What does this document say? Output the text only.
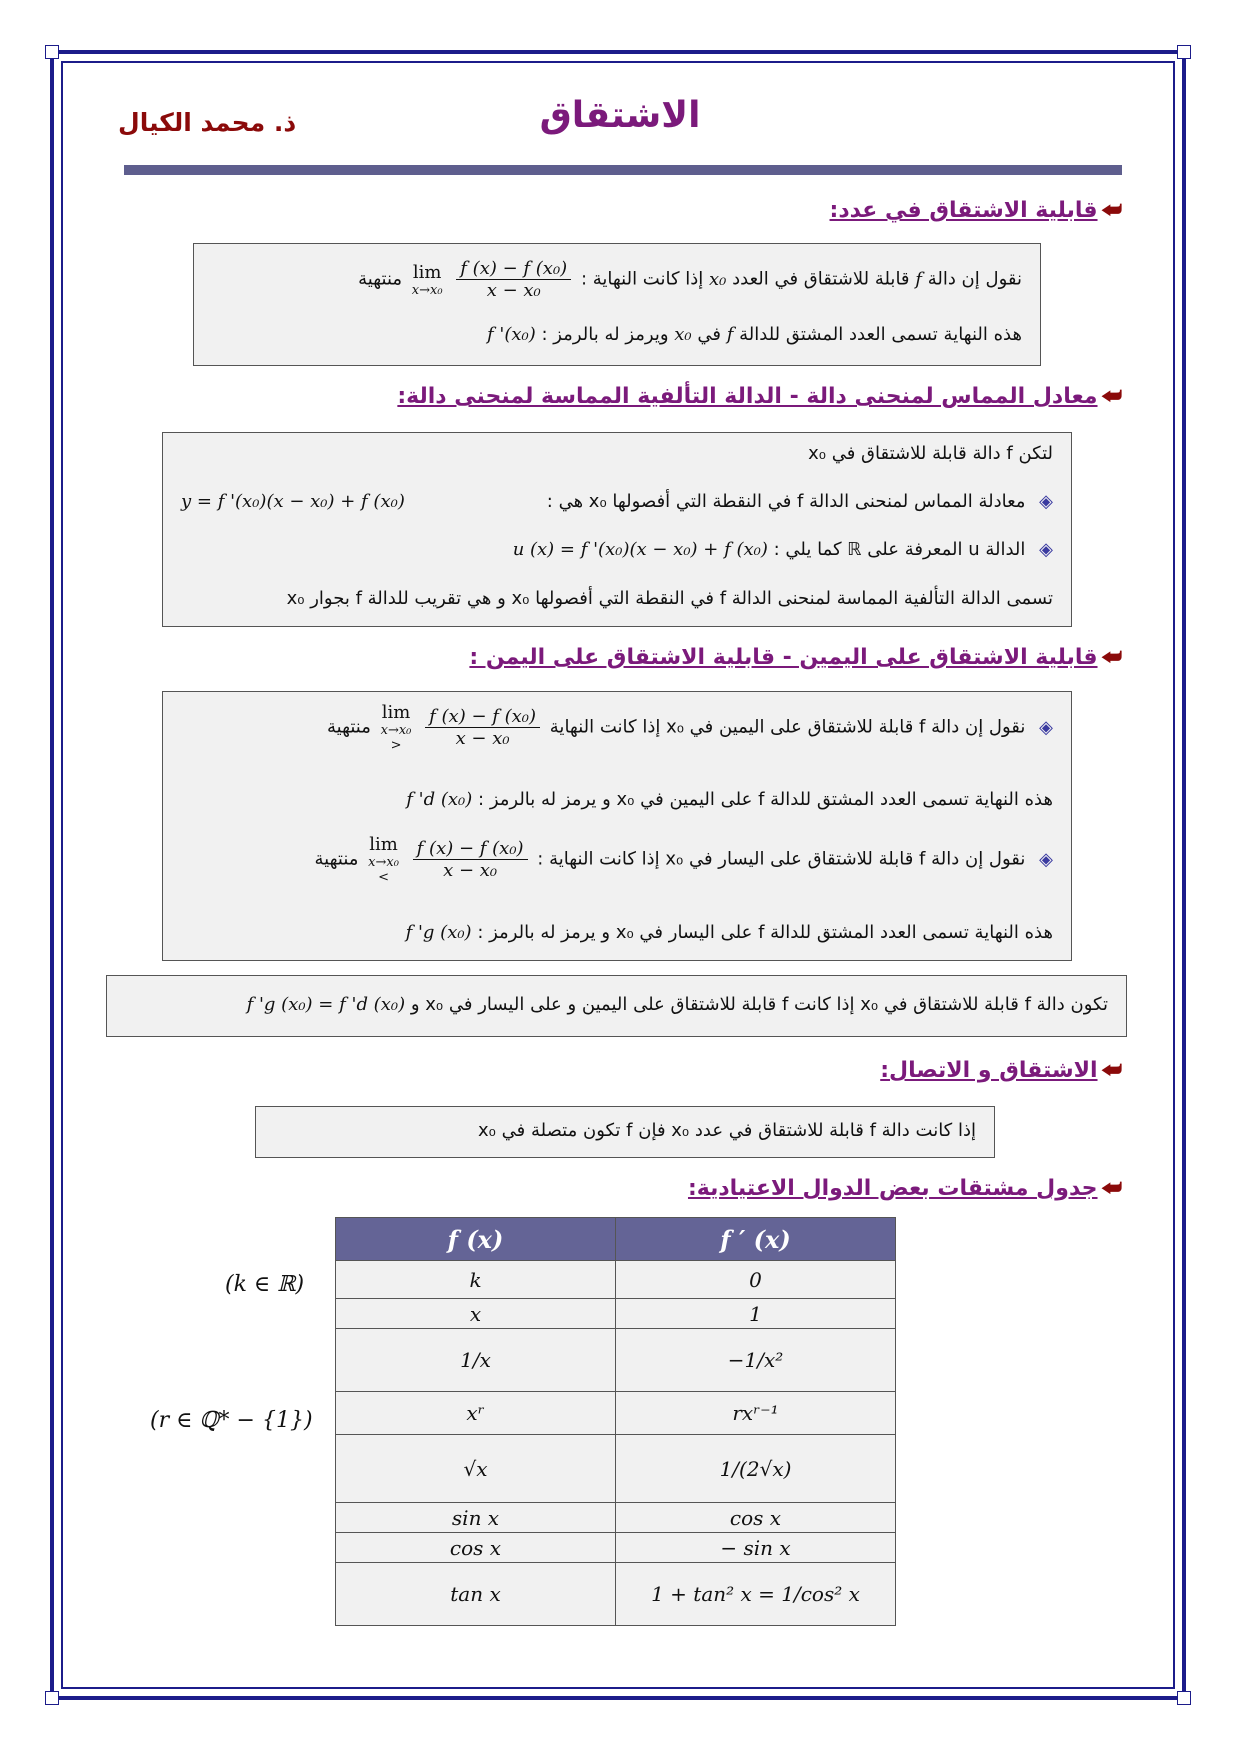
الاشتقاق
ذ. محمد الكيال
⮨قابلية الاشتقاق في عدد:
نقول إن دالة f قابلة للاشتقاق في العدد x₀ إذا كانت النهاية :
lim
x→x₀
$\frac{\text{f (x) − f (x₀)}}{\text{x − x₀}}$
منتهية
هذه النهاية تسمى العدد المشتق للدالة f في x₀ ويرمز له بالرمز : f '(x₀)
⮨معادل المماس لمنحنى دالة - الدالة التألفية المماسة لمنحنى دالة:
لتكن f دالة قابلة للاشتقاق في x₀
◈ معادلة المماس لمنحنى الدالة f في النقطة التي أفصولها x₀ هي :
y = f '(x₀)(x − x₀) + f (x₀)
◈ الدالة u المعرفة على ℝ كما يلي : u (x) = f '(x₀)(x − x₀) + f (x₀)
تسمى الدالة التألفية المماسة لمنحنى الدالة f في النقطة التي أفصولها x₀ و هي تقريب للدالة f بجوار x₀
⮨قابلية الاشتقاق على اليمين - قابلية الاشتقاق على اليمن :
◈ نقول إن دالة f قابلة للاشتقاق على اليمين في x₀ إذا كانت النهاية
lim
x→x₀
>
$\frac{\text{f (x) − f (x₀)}}{\text{x − x₀}}$
منتهية
هذه النهاية تسمى العدد المشتق للدالة f على اليمين في x₀ و يرمز له بالرمز : f 'd (x₀)
◈ نقول إن دالة f قابلة للاشتقاق على اليسار في x₀ إذا كانت النهاية :
lim
x→x₀
<
$\frac{\text{f (x) − f (x₀)}}{\text{x − x₀}}$
منتهية
هذه النهاية تسمى العدد المشتق للدالة f على اليسار في x₀ و يرمز له بالرمز : f 'g (x₀)
تكون دالة f قابلة للاشتقاق في x₀ إذا كانت f قابلة للاشتقاق على اليمين و على اليسار في x₀ و f 'g (x₀) = f 'd (x₀)
⮨الاشتقاق و الاتصال:
إذا كانت دالة f قابلة للاشتقاق في عدد x₀ فإن f تكون متصلة في x₀
⮨جدول مشتقات بعض الدوال الاعتيادية:
(k ∈ ℝ)
(r ∈ ℚ* − {1})
f (x)	f ′ (x)
k	0
x	1
1/x	−1/x²
xʳ	rxʳ⁻¹
√x	1/(2√x)
sin x	cos x
cos x	− sin x
tan x	1 + tan² x = 1/cos² x
